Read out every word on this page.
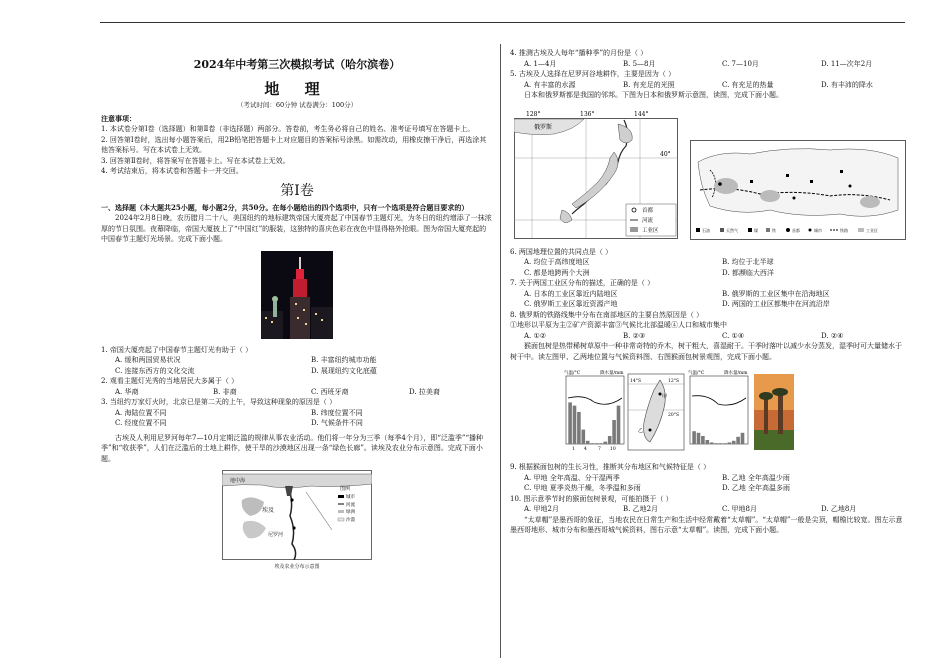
2024年中考第三次模拟考试（哈尔滨卷）
地 理
（考试时间：60分钟 试卷满分：100分）
注意事项：

1. 本试卷分第Ⅰ卷（选择题）和第Ⅱ卷（非选择题）两部分。答卷前，考生务必将自己的姓名、准考证号填写在答题卡上。

2. 回答第Ⅰ卷时，选出每小题答案后，用2B铅笔把答题卡上对应题目的答案标号涂黑。如需改动，用橡皮擦干净后，再选涂其他答案标号。写在本试卷上无效。

3. 回答第Ⅱ卷时，将答案写在答题卡上。写在本试卷上无效。

4. 考试结束后，将本试卷和答题卡一并交回。

第Ⅰ卷

一、选择题（本大题共25小题，每小题2分，共50分。在每小题给出的四个选项中，只有一个选项是符合题目要求的）

2024年2月8日晚，农历腊月二十八，美国纽约的地标建筑帝国大厦亮起了中国春节主题灯光，为冬日的纽约增添了一抹浓厚的节日氛围。夜幕降临，帝国大厦披上了“中国红”的服装，这独特的喜庆色彩在夜色中显得格外抢眼。图为帝国大厦亮起的中国春节主题灯光场景。完成下面小题。

1. 帝国大厦亮起了中国春节主题灯光有助于（ ）

A. 缓和两国贸易状况	B. 丰富纽约城市功能
C. 连接东西方的文化交流	D. 展现纽约文化底蕴

2. 观看主题灯光秀的当地居民大多属于（ ）

A. 华裔	B. 非裔	C. 西班牙裔	D. 拉美裔

3. 当纽约万家灯火时，北京已是第二天的上午，导致这种现象的原因是（ ）

A. 海陆位置不同	B. 纬度位置不同
C. 经度位置不同	D. 气候条件不同

古埃及人利用尼罗河每年7—10月定期泛滥的规律从事农业活动。他们将一年分为三季（每季4个月），即“泛滥季”“播种季”和“收获季”，人们在泛滥后的土地上耕作，使干旱的沙漠地区出现一条“绿色长廊”。读埃及农业分布示意图。完成下面小题。

地中海
埃及
尼罗河
图例
城市
河流
绿洲
沙漠
埃及农业分布示意图

4. 推测古埃及人每年“播种季”的月份是（ ）

A. 1—4月	B. 5—8月	C. 7—10月	D. 11—次年2月

5. 古埃及人选择在尼罗河谷地耕作，主要是因为（ ）

A. 有丰富的水源	B. 有充足的光照	C. 有充足的热量	D. 有丰沛的降水

日本和俄罗斯都是我国的邻邦。下图为日本和俄罗斯示意图，读图，完成下面小题。

128°	136°	144°
俄罗斯
40°
首都
河流
工业区	石油	天然气	煤	铁	首都	城市	铁路	工业区

6. 两国地理位置的共同点是（ ）

A. 均位于高纬度地区	B. 均位于北半球
C. 都是地跨两个大洲	D. 都濒临大西洋

7. 关于两国工业区分布的描述，正确的是（ ）

A. 日本的工业区靠近内陆地区	B. 俄罗斯的工业区集中在沿海地区
C. 俄罗斯工业区靠近资源产地	D. 两国的工业区都集中在河流沿岸

8. 俄罗斯的铁路线集中分布在南部地区的主要自然原因是（ ）

①地形以平原为主②矿产资源丰富③气候比北部温暖④人口和城市集中

A. ①②	B. ②③	C. ①④	D. ②④

猴面包树是热带稀树草原中一种非常奇特的乔木，树干粗大，喜湿耐干。干季时落叶以减少水分蒸发，湿季时可大量储水于树干中。读左图甲、乙两地位置与气候资料图、右图猴面包树景观图，完成下面小题。

气温/°C	降水量/mm
1 4 7 10
14°S	12°S
甲
乙
20°S
气温/°C	降水量/mm

9. 根据猴面包树的生长习性，推断其分布地区和气候特征是（ ）

A. 甲地 全年高温、分干湿两季	B. 乙地 全年高温少雨
C. 甲地 夏季炎热干燥，冬季温和多雨	D. 乙地 全年高温多雨

10. 图示意季节时的猴面包树景观，可能拍摄于（ ）

A. 甲地2月	B. 乙地2月	C. 甲地8月	D. 乙地8月

“太草帽”是墨西哥的象征，当地农民在日常生产和生活中经常戴着“太草帽”。“太草帽”一般是尖顶，帽檐比较宽。图左示意墨西哥地形、城市分布和墨西哥城气候资料，图右示意“太草帽”。读图，完成下面小题。
